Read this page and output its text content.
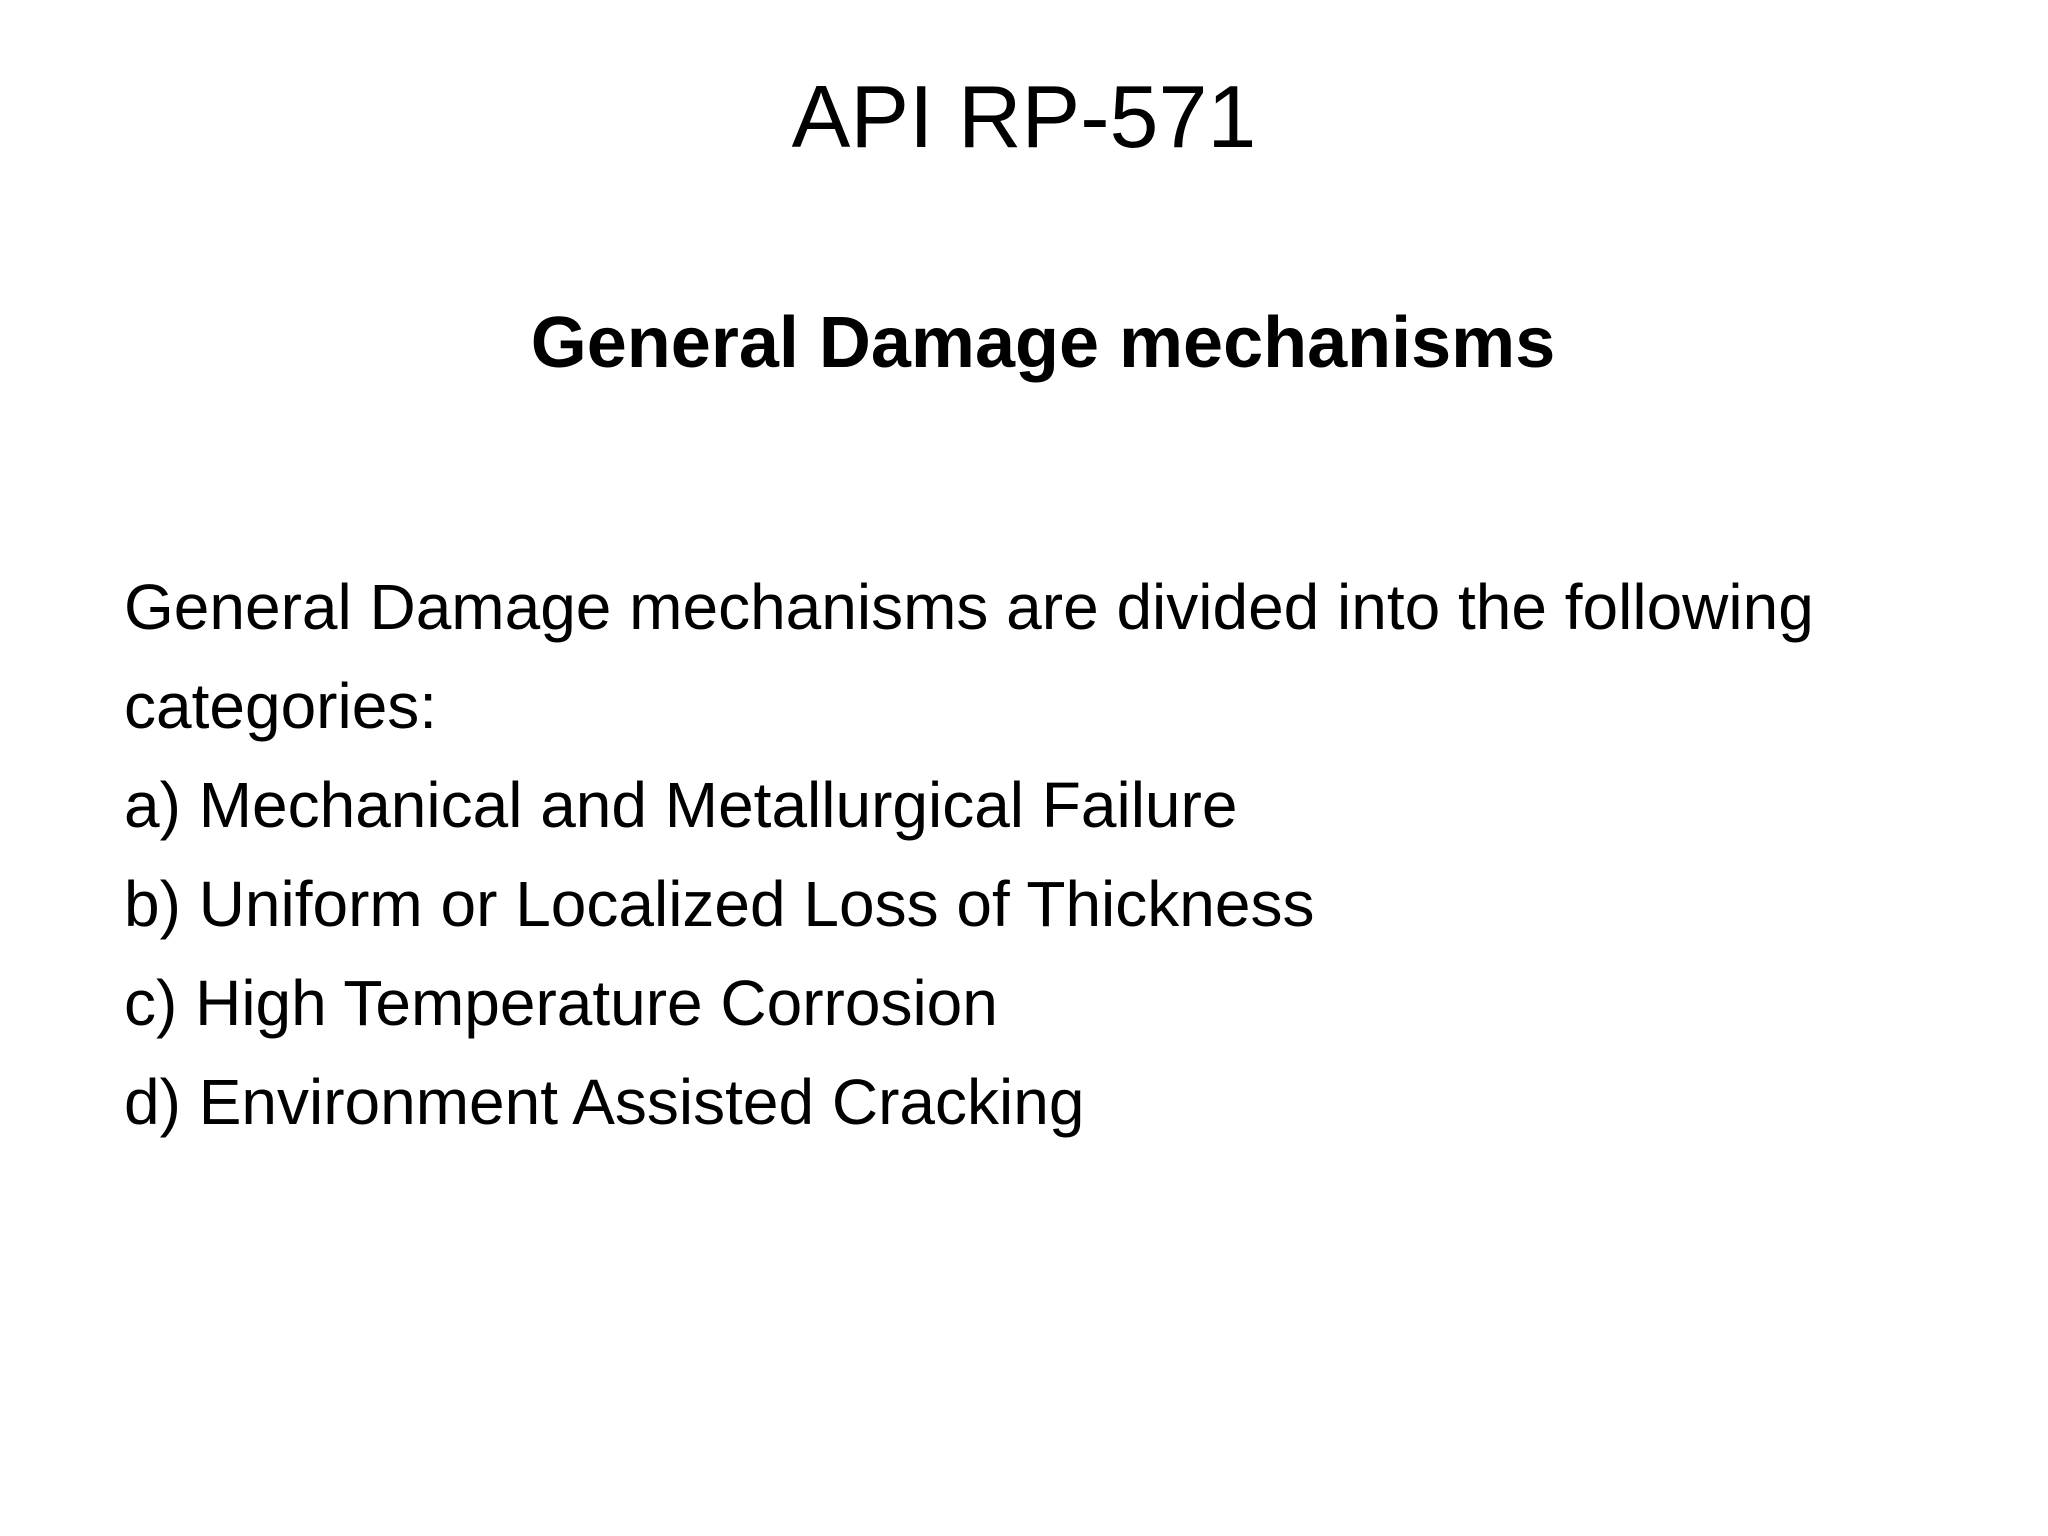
API RP-571
General Damage mechanisms

General Damage mechanisms are divided into the following

categories:

a) Mechanical and Metallurgical Failure

b) Uniform or Localized Loss of Thickness

c) High Temperature Corrosion

d) Environment Assisted Cracking
